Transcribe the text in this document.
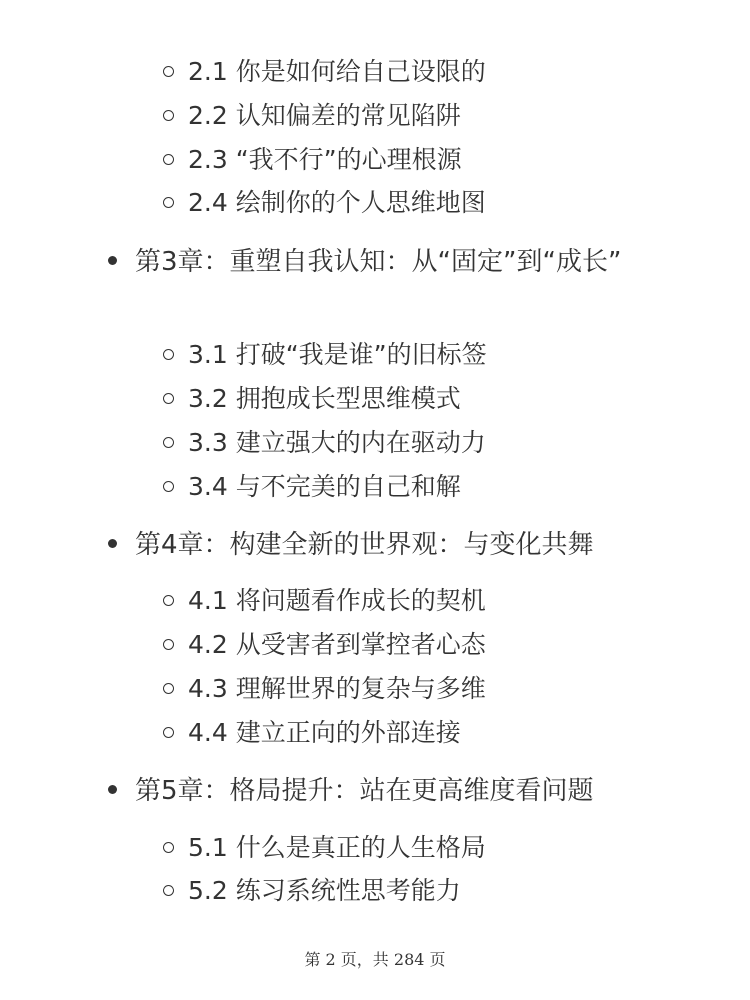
2.1 你是如何给自己设限的
2.2 认知偏差的常见陷阱
2.3 “我不行”的心理根源
2.4 绘制你的个人思维地图
第3章：重塑自我认知：从“固定”到“成长”
3.1 打破“我是谁”的旧标签
3.2 拥抱成长型思维模式
3.3 建立强大的内在驱动力
3.4 与不完美的自己和解
第4章：构建全新的世界观：与变化共舞
4.1 将问题看作成长的契机
4.2 从受害者到掌控者心态
4.3 理解世界的复杂与多维
4.4 建立正向的外部连接
第5章：格局提升：站在更高维度看问题
5.1 什么是真正的人生格局
5.2 练习系统性思考能力
第 2 页，共 284 页
